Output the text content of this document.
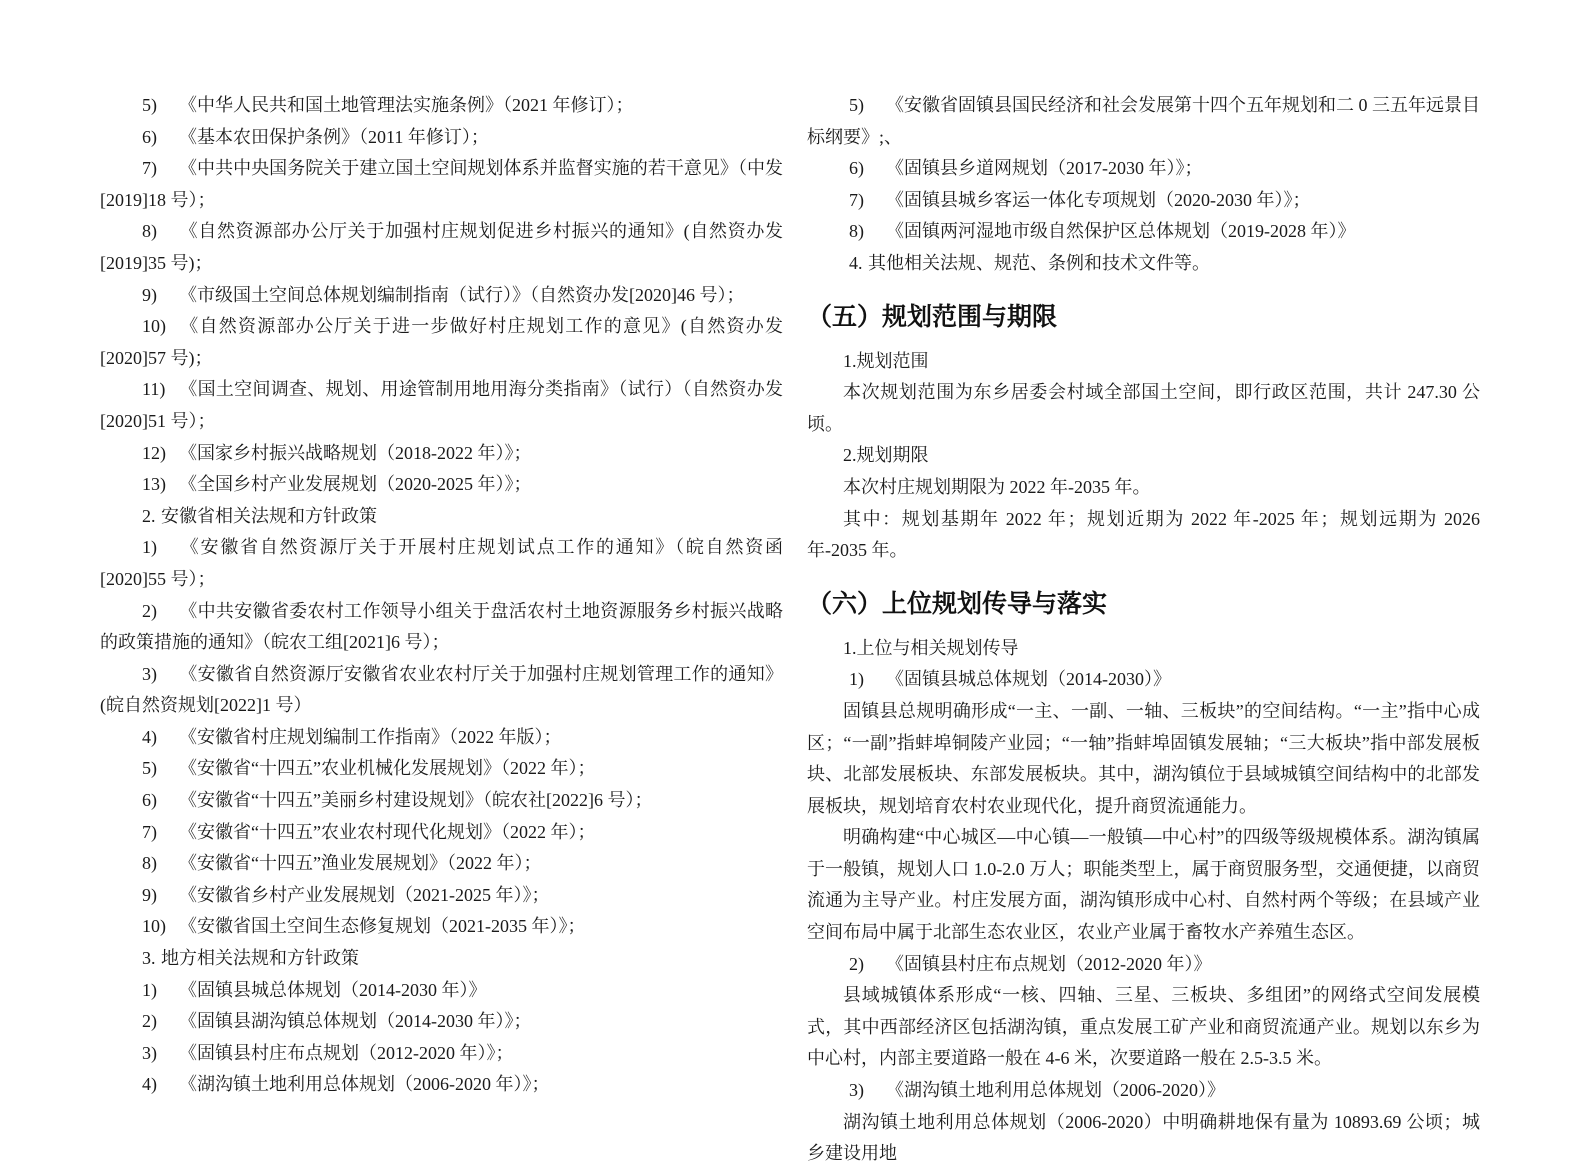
5) 《中华人民共和国土地管理法实施条例》（2021 年修订）；

6) 《基本农田保护条例》（2011 年修订）；

7) 《中共中央国务院关于建立国土空间规划体系并监督实施的若干意见》（中发[2019]18 号）；

8) 《自然资源部办公厅关于加强村庄规划促进乡村振兴的通知》(自然资办发[2019]35 号)；

9) 《市级国土空间总体规划编制指南（试行）》（自然资办发[2020]46 号）；

10) 《自然资源部办公厅关于进一步做好村庄规划工作的意见》(自然资办发[2020]57 号)；

11) 《国土空间调查、规划、用途管制用地用海分类指南》（试行）（自然资办发[2020]51 号）；

12) 《国家乡村振兴战略规划（2018-2022 年）》；

13) 《全国乡村产业发展规划（2020-2025 年）》；

2. 安徽省相关法规和方针政策

1) 《安徽省自然资源厅关于开展村庄规划试点工作的通知》（皖自然资函[2020]55 号）；

2) 《中共安徽省委农村工作领导小组关于盘活农村土地资源服务乡村振兴战略的政策措施的通知》（皖农工组[2021]6 号）；

3) 《安徽省自然资源厅安徽省农业农村厅关于加强村庄规划管理工作的通知》(皖自然资规划[2022]1 号）

4) 《安徽省村庄规划编制工作指南》（2022 年版）；

5) 《安徽省“十四五”农业机械化发展规划》（2022 年）；

6) 《安徽省“十四五”美丽乡村建设规划》（皖农社[2022]6 号）；

7) 《安徽省“十四五”农业农村现代化规划》（2022 年）；

8) 《安徽省“十四五”渔业发展规划》（2022 年）；

9) 《安徽省乡村产业发展规划（2021-2025 年）》；

10) 《安徽省国土空间生态修复规划（2021-2035 年）》；

3. 地方相关法规和方针政策

1) 《固镇县城总体规划（2014-2030 年）》

2) 《固镇县湖沟镇总体规划（2014-2030 年）》；

3) 《固镇县村庄布点规划（2012-2020 年）》；

4) 《湖沟镇土地利用总体规划（2006-2020 年）》；

5) 《安徽省固镇县国民经济和社会发展第十四个五年规划和二 0 三五年远景目标纲要》;、

6) 《固镇县乡道网规划（2017-2030 年）》；

7) 《固镇县城乡客运一体化专项规划（2020-2030 年）》；

8) 《固镇两河湿地市级自然保护区总体规划（2019-2028 年）》

4. 其他相关法规、规范、条例和技术文件等。

（五）规划范围与期限

1.规划范围

本次规划范围为东乡居委会村域全部国土空间，即行政区范围，共计 247.30 公顷。

2.规划期限

本次村庄规划期限为 2022 年-2035 年。

其中：规划基期年 2022 年；规划近期为 2022 年-2025 年；规划远期为 2026 年-2035 年。

（六）上位规划传导与落实

1.上位与相关规划传导

1) 《固镇县城总体规划（2014-2030）》

固镇县总规明确形成“一主、一副、一轴、三板块”的空间结构。“一主”指中心成区；“一副”指蚌埠铜陵产业园；“一轴”指蚌埠固镇发展轴；“三大板块”指中部发展板块、北部发展板块、东部发展板块。其中，湖沟镇位于县域城镇空间结构中的北部发展板块，规划培育农村农业现代化，提升商贸流通能力。

明确构建“中心城区—中心镇—一般镇—中心村”的四级等级规模体系。湖沟镇属于一般镇，规划人口 1.0-2.0 万人；职能类型上，属于商贸服务型，交通便捷，以商贸流通为主导产业。村庄发展方面，湖沟镇形成中心村、自然村两个等级；在县域产业空间布局中属于北部生态农业区，农业产业属于畜牧水产养殖生态区。

2) 《固镇县村庄布点规划（2012-2020 年）》

县域城镇体系形成“一核、四轴、三星、三板块、多组团”的网络式空间发展模式，其中西部经济区包括湖沟镇，重点发展工矿产业和商贸流通产业。规划以东乡为中心村，内部主要道路一般在 4-6 米，次要道路一般在 2.5-3.5 米。

3) 《湖沟镇土地利用总体规划（2006-2020）》

湖沟镇土地利用总体规划（2006-2020）中明确耕地保有量为 10893.69 公顷；城乡建设用地
